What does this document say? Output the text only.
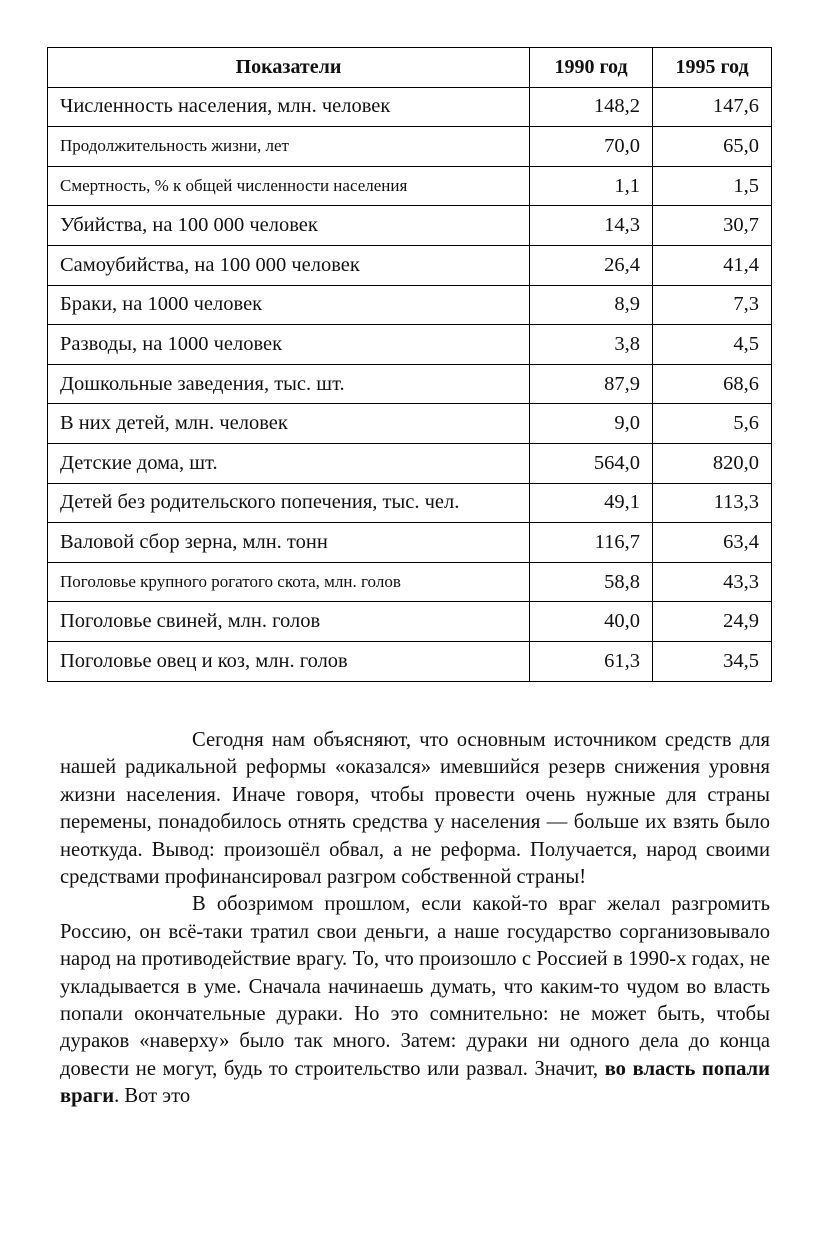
Показатели	1990 год	1995 год
Численность населения, млн. человек	148,2	147,6
Продолжительность жизни, лет	70,0	65,0
Смертность, % к общей численности населения	1,1	1,5
Убийства, на 100 000 человек	14,3	30,7
Самоубийства, на 100 000 человек	26,4	41,4
Браки, на 1000 человек	8,9	7,3
Разводы, на 1000 человек	3,8	4,5
Дошкольные заведения, тыс. шт.	87,9	68,6
В них детей, млн. человек	9,0	5,6
Детские дома, шт.	564,0	820,0
Детей без родительского попечения, тыс. чел.	49,1	113,3
Валовой сбор зерна, млн. тонн	116,7	63,4
Поголовье крупного рогатого скота, млн. голов	58,8	43,3
Поголовье свиней, млн. голов	40,0	24,9
Поголовье овец и коз, млн. голов	61,3	34,5

Сегодня нам объясняют, что основным источником средств для нашей радикальной реформы «оказался» имевшийся резерв снижения уровня жизни населения. Иначе говоря, чтобы провести очень нужные для страны перемены, понадобилось отнять средства у населения — больше их взять было неоткуда. Вывод: произошёл обвал, а не реформа. Получается, народ своими средствами профинансировал разгром собственной страны!

В обозримом прошлом, если какой-то враг желал разгромить Россию, он всё-таки тратил свои деньги, а наше государство сорганизовывало народ на противодействие врагу. То, что произошло с Россией в 1990-х годах, не укладывается в уме. Сначала начинаешь думать, что каким-то чудом во власть попали окончательные дураки. Но это сомнительно: не может быть, чтобы дураков «наверху» было так много. Затем: дураки ни одного дела до конца довести не могут, будь то строительство или развал. Значит, во власть попали враги. Вот это
